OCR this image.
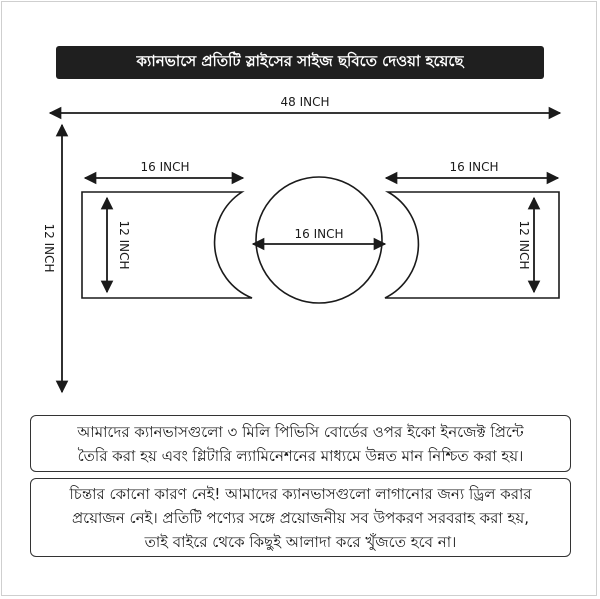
ক্যানভাসে প্রতিটি স্লাইসের সাইজ ছবিতে দেওয়া হয়েছে
48 INCH
12 INCH
16 INCH
12 INCH	16 INCH
16 INCH
12 INCH
আমাদের ক্যানভাসগুলো ৩ মিলি পিভিসি বোর্ডের ওপর ইকো ইনজেক্ট প্রিন্টে
তৈরি করা হয় এবং গ্লিটারি ল্যামিনেশনের মাধ্যমে উন্নত মান নিশ্চিত করা হয়।
চিন্তার কোনো কারণ নেই! আমাদের ক্যানভাসগুলো লাগানোর জন্য ড্রিল করার
প্রয়োজন নেই। প্রতিটি পণ্যের সঙ্গে প্রয়োজনীয় সব উপকরণ সরবরাহ করা হয়,
তাই বাইরে থেকে কিছুই আলাদা করে খুঁজতে হবে না।
